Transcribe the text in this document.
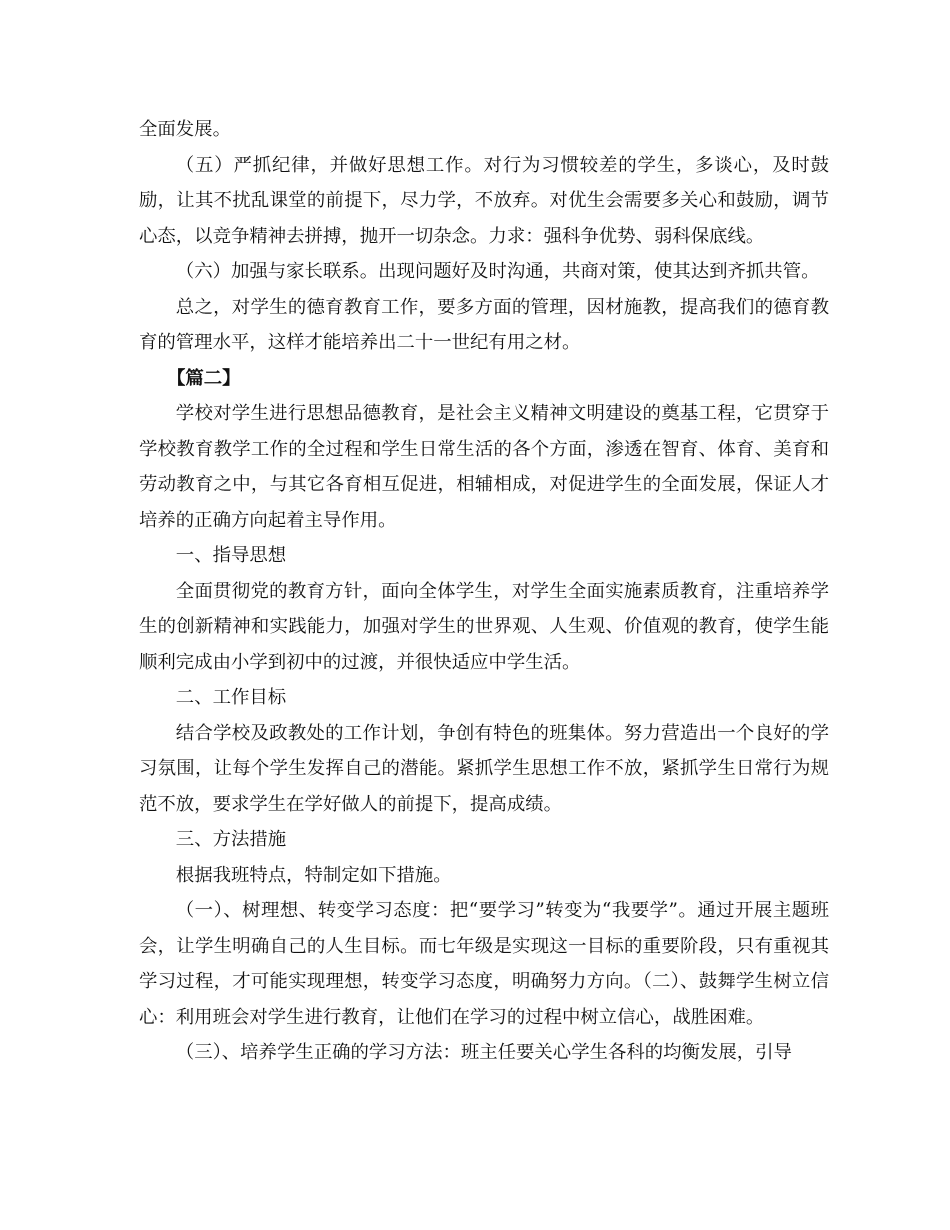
全面发展。

（五）严抓纪律，并做好思想工作。对行为习惯较差的学生，多谈心，及时鼓励，让其不扰乱课堂的前提下，尽力学，不放弃。对优生会需要多关心和鼓励，调节心态，以竞争精神去拼搏，抛开一切杂念。力求：强科争优势、弱科保底线。

（六）加强与家长联系。出现问题好及时沟通，共商对策，使其达到齐抓共管。

总之，对学生的德育教育工作，要多方面的管理，因材施教，提高我们的德育教育的管理水平，这样才能培养出二十一世纪有用之材。

【篇二】

学校对学生进行思想品德教育，是社会主义精神文明建设的奠基工程，它贯穿于学校教育教学工作的全过程和学生日常生活的各个方面，渗透在智育、体育、美育和劳动教育之中，与其它各育相互促进，相辅相成，对促进学生的全面发展，保证人才培养的正确方向起着主导作用。

一、指导思想

全面贯彻党的教育方针，面向全体学生，对学生全面实施素质教育，注重培养学生的创新精神和实践能力，加强对学生的世界观、人生观、价值观的教育，使学生能顺利完成由小学到初中的过渡，并很快适应中学生活。

二、工作目标

结合学校及政教处的工作计划，争创有特色的班集体。努力营造出一个良好的学习氛围，让每个学生发挥自己的潜能。紧抓学生思想工作不放，紧抓学生日常行为规范不放，要求学生在学好做人的前提下，提高成绩。

三、方法措施

根据我班特点，特制定如下措施。

（一）、树理想、转变学习态度：把“要学习”转变为“我要学”。通过开展主题班会，让学生明确自己的人生目标。而七年级是实现这一目标的重要阶段，只有重视其学习过程，才可能实现理想，转变学习态度，明确努力方向。（二）、鼓舞学生树立信心：利用班会对学生进行教育，让他们在学习的过程中树立信心，战胜困难。

（三）、培养学生正确的学习方法：班主任要关心学生各科的均衡发展，引导
